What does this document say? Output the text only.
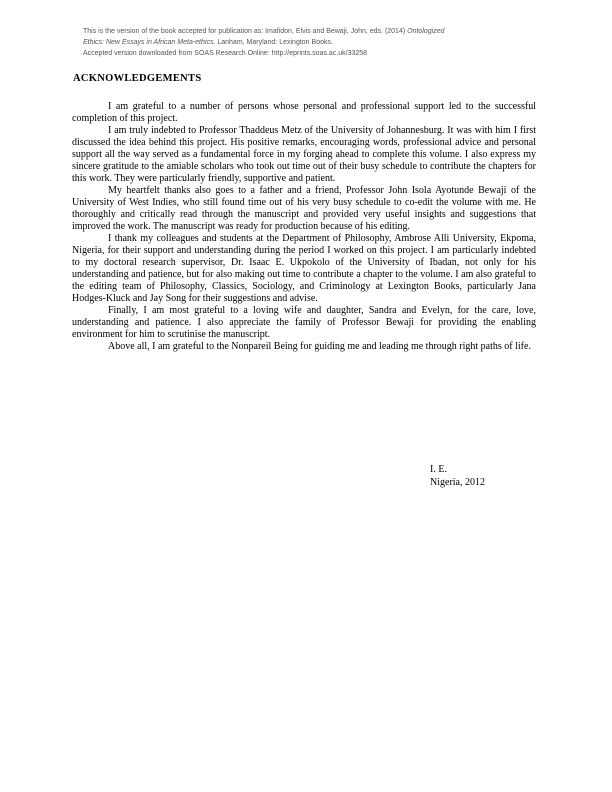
This is the version of the book accepted for publication as: Imafidon, Elvis and Bewaji, John, eds. (2014) Ontologized
Ethics: New Essays in African Meta-ethics. Lanham, Maryland: Lexington Books.
Accepted version downloaded from SOAS Research Online: http://eprints.soas.ac.uk/33258
ACKNOWLEDGEMENTS

I am grateful to a number of persons whose personal and professional support led to the successful completion of this project.

I am truly indebted to Professor Thaddeus Metz of the University of Johannesburg. It was with him I first discussed the idea behind this project. His positive remarks, encouraging words, professional advice and personal support all the way served as a fundamental force in my forging ahead to complete this volume. I also express my sincere gratitude to the amiable scholars who took out time out of their busy schedule to contribute the chapters for this work. They were particularly friendly, supportive and patient.

My heartfelt thanks also goes to a father and a friend, Professor John Isola Ayotunde Bewaji of the University of West Indies, who still found time out of his very busy schedule to co-edit the volume with me. He thoroughly and critically read through the manuscript and provided very useful insights and suggestions that improved the work. The manuscript was ready for production because of his editing.

I thank my colleagues and students at the Department of Philosophy, Ambrose Alli University, Ekpoma, Nigeria, for their support and understanding during the period I worked on this project. I am particularly indebted to my doctoral research supervisor, Dr. Isaac E. Ukpokolo of the University of Ibadan, not only for his understanding and patience, but for also making out time to contribute a chapter to the volume. I am also grateful to the editing team of Philosophy, Classics, Sociology, and Criminology at Lexington Books, particularly Jana Hodges-Kluck and Jay Song for their suggestions and advise.

Finally, I am most grateful to a loving wife and daughter, Sandra and Evelyn, for the care, love, understanding and patience. I also appreciate the family of Professor Bewaji for providing the enabling environment for him to scrutinise the manuscript.

Above all, I am grateful to the Nonpareil Being for guiding me and leading me through right paths of life.

I. E.
Nigeria, 2012
